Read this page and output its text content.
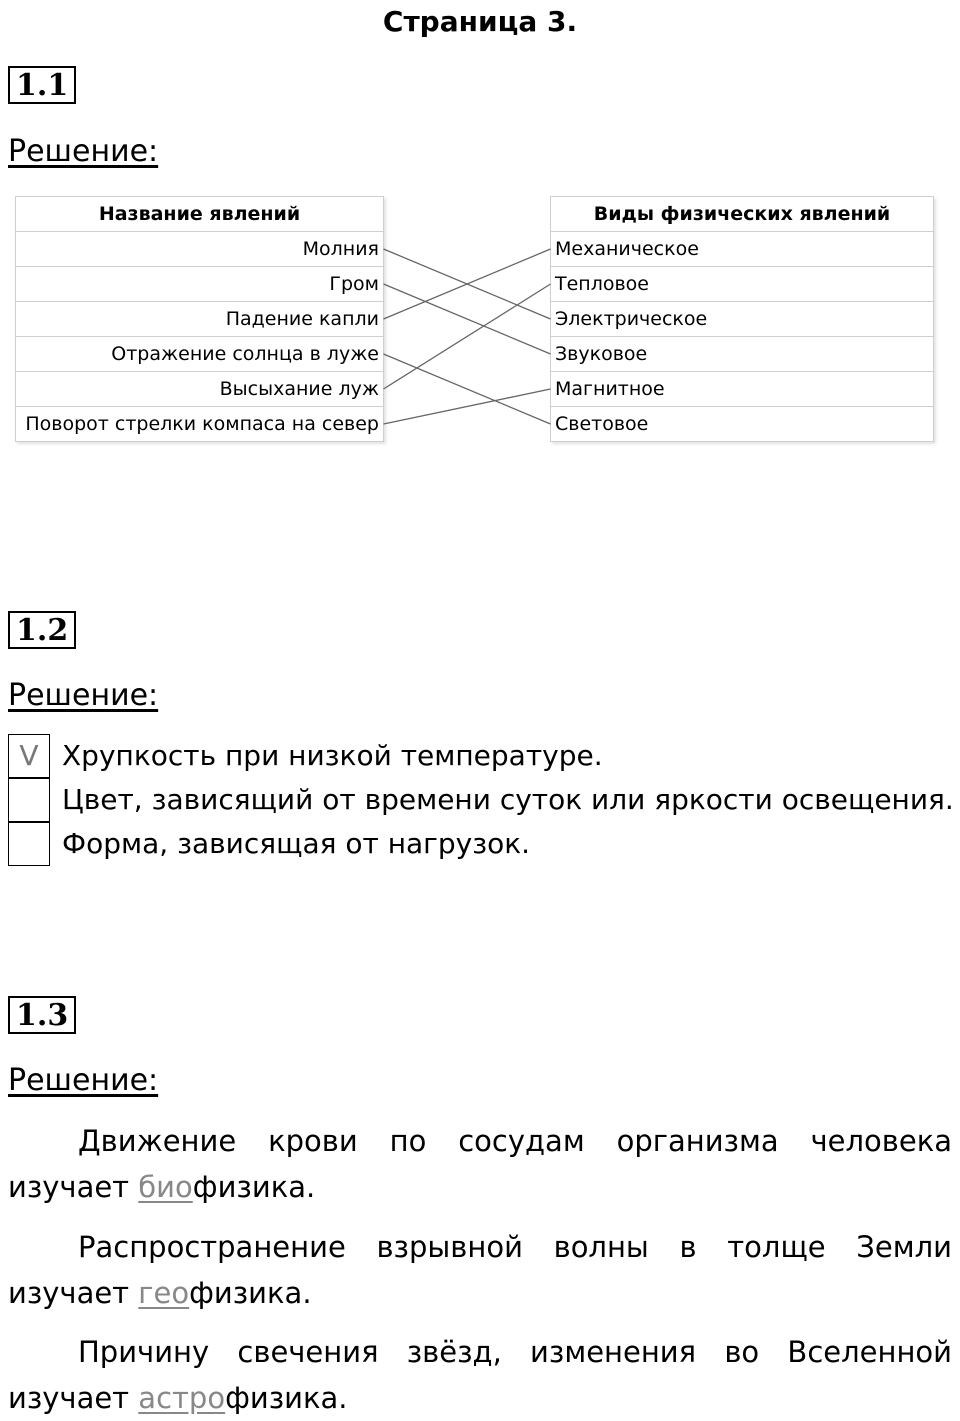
Страница 3.
1.1
Решение:
Название явлений
Молния
Гром
Падение капли
Отражение солнца в луже
Высыхание луж
Поворот стрелки компаса на север
Виды физических явлений
Механическое
Тепловое
Электрическое
Звуковое
Магнитное
Световое
1.2
Решение:
V Хрупкость при низкой температуре.
Цвет, зависящий от времени суток или яркости освещения.
Форма, зависящая от нагрузок.
1.3
Решение:
Движение крови по сосудам организма человека
изучает биофизика.
Распространение взрывной волны в толще Земли
изучает геофизика.
Причину свечения звёзд, изменения во Вселенной
изучает астрофизика.
